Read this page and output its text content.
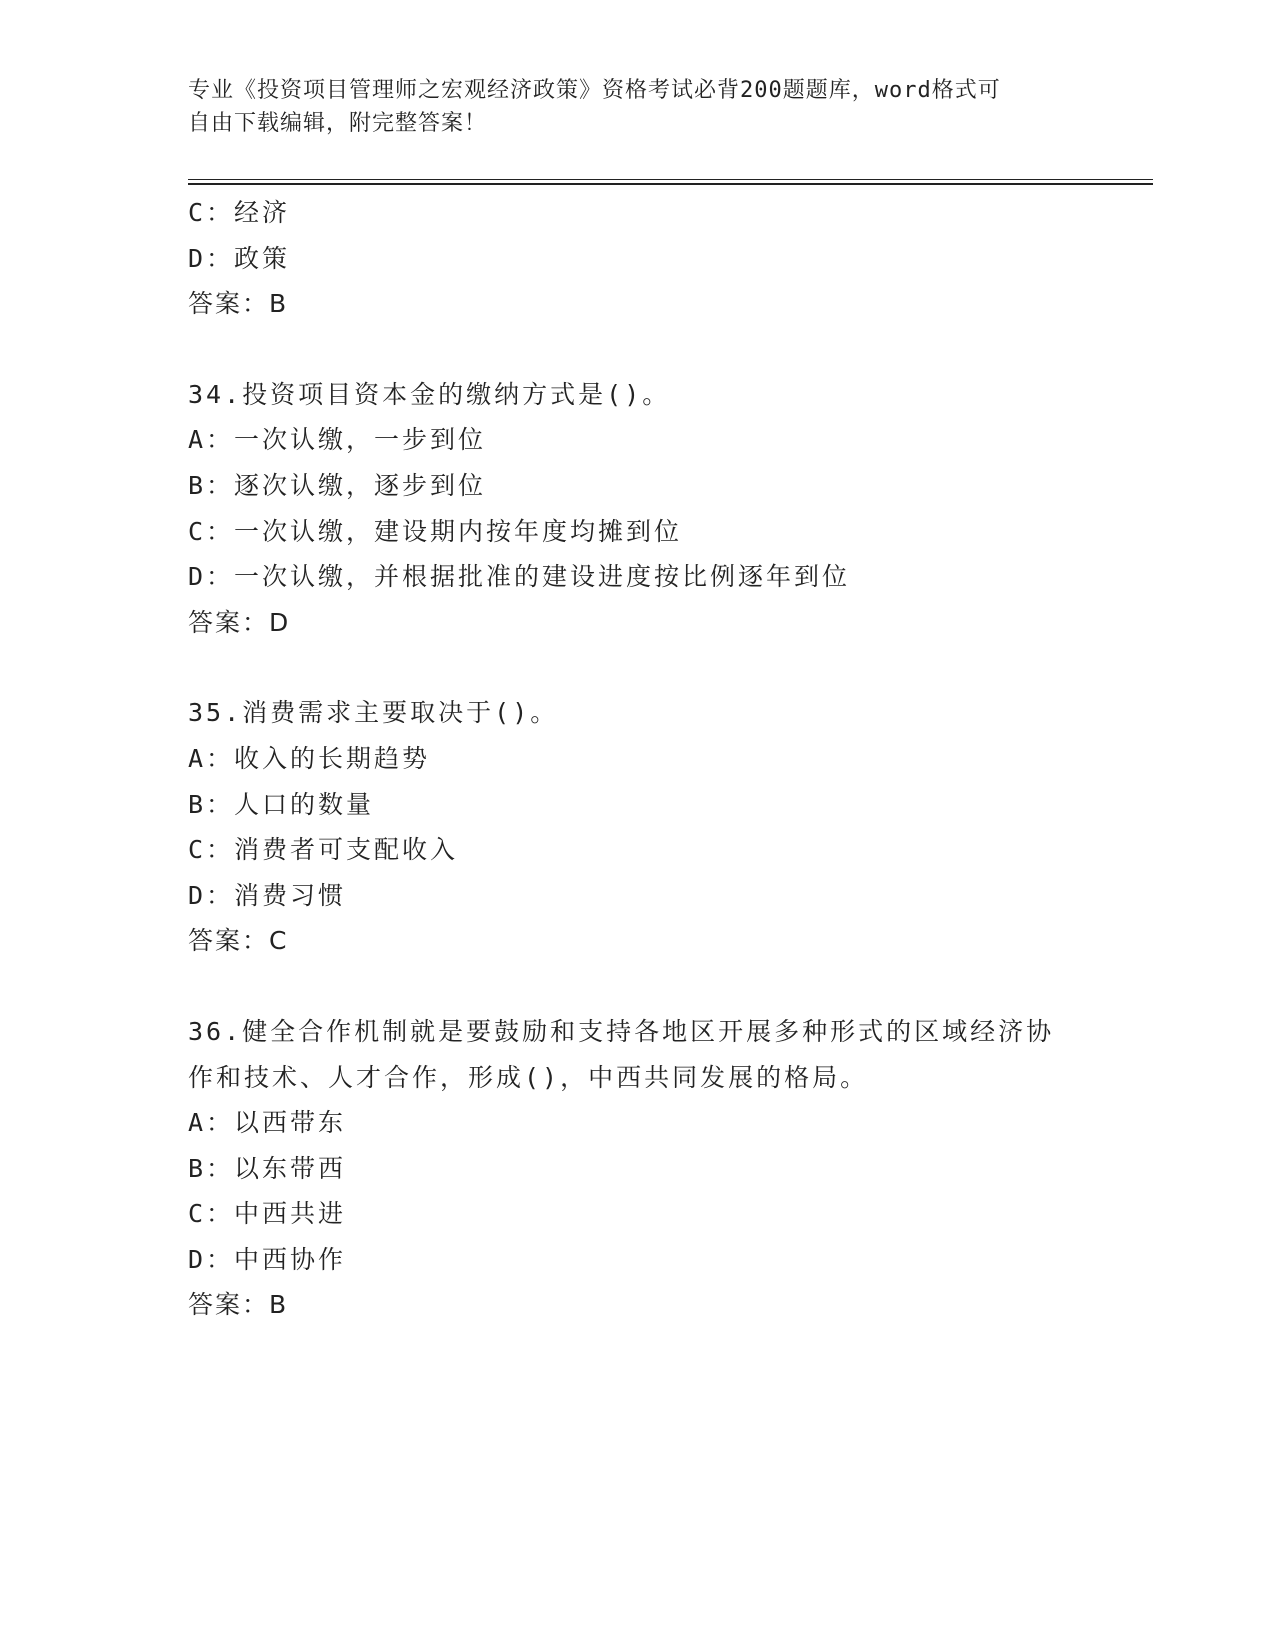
专业《投资项目管理师之宏观经济政策》资格考试必背200题题库，word格式可
自由下载编辑，附完整答案！
C：经济
D：政策
答案：B
34.投资项目资本金的缴纳方式是()。
A：一次认缴，一步到位
B：逐次认缴，逐步到位
C：一次认缴，建设期内按年度均摊到位
D：一次认缴，并根据批准的建设进度按比例逐年到位
答案：D
35.消费需求主要取决于()。
A：收入的长期趋势
B：人口的数量
C：消费者可支配收入
D：消费习惯
答案：C
36.健全合作机制就是要鼓励和支持各地区开展多种形式的区域经济协
作和技术、人才合作，形成()，中西共同发展的格局。
A：以西带东
B：以东带西
C：中西共进
D：中西协作
答案：B
